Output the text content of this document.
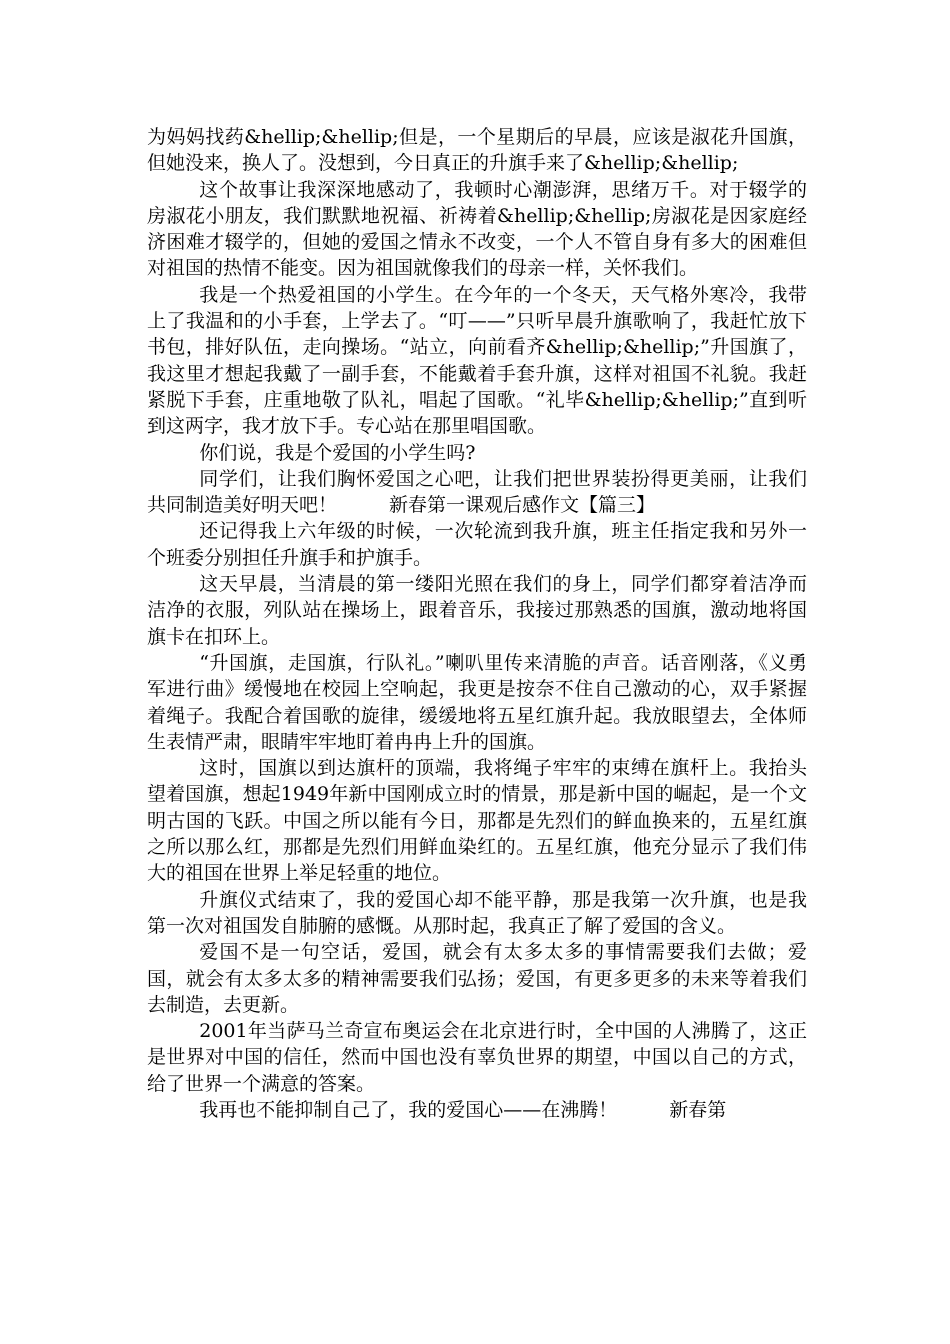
为妈妈找药&hellip;&hellip;但是，一个星期后的早晨，应该是淑花升国旗，但她没来，换人了。没想到，今日真正的升旗手来了&hellip;&hellip;

这个故事让我深深地感动了，我顿时心潮澎湃，思绪万千。对于辍学的房淑花小朋友，我们默默地祝福、祈祷着&hellip;&hellip;房淑花是因家庭经济困难才辍学的，但她的爱国之情永不改变，一个人不管自身有多大的困难但对祖国的热情不能变。因为祖国就像我们的母亲一样，关怀我们。

我是一个热爱祖国的小学生。在今年的一个冬天，天气格外寒冷，我带上了我温和的小手套，上学去了。“叮——”只听早晨升旗歌响了，我赶忙放下书包，排好队伍，走向操场。“站立，向前看齐&hellip;&hellip;”升国旗了，我这里才想起我戴了一副手套，不能戴着手套升旗，这样对祖国不礼貌。我赶紧脱下手套，庄重地敬了队礼，唱起了国歌。“礼毕&hellip;&hellip;”直到听到这两字，我才放下手。专心站在那里唱国歌。

你们说，我是个爱国的小学生吗?

同学们，让我们胸怀爱国之心吧，让我们把世界装扮得更美丽，让我们共同制造美好明天吧！	新春第一课观后感作文【篇三】

还记得我上六年级的时候，一次轮流到我升旗，班主任指定我和另外一个班委分别担任升旗手和护旗手。

这天早晨，当清晨的第一缕阳光照在我们的身上，同学们都穿着洁净而洁净的衣服，列队站在操场上，跟着音乐，我接过那熟悉的国旗，激动地将国旗卡在扣环上。

“升国旗，走国旗，行队礼。”喇叭里传来清脆的声音。话音刚落，《义勇军进行曲》缓慢地在校园上空响起，我更是按奈不住自己激动的心，双手紧握着绳子。我配合着国歌的旋律，缓缓地将五星红旗升起。我放眼望去，全体师生表情严肃，眼睛牢牢地盯着冉冉上升的国旗。

这时，国旗以到达旗杆的顶端，我将绳子牢牢的束缚在旗杆上。我抬头望着国旗，想起1949年新中国刚成立时的情景，那是新中国的崛起，是一个文明古国的飞跃。中国之所以能有今日，那都是先烈们的鲜血换来的，五星红旗之所以那么红，那都是先烈们用鲜血染红的。五星红旗，他充分显示了我们伟大的祖国在世界上举足轻重的地位。

升旗仪式结束了，我的爱国心却不能平静，那是我第一次升旗，也是我第一次对祖国发自肺腑的感慨。从那时起，我真正了解了爱国的含义。

爱国不是一句空话，爱国，就会有太多太多的事情需要我们去做；爱国，就会有太多太多的精神需要我们弘扬；爱国，有更多更多的未来等着我们去制造，去更新。

2001年当萨马兰奇宣布奥运会在北京进行时，全中国的人沸腾了，这正是世界对中国的信任，然而中国也没有辜负世界的期望，中国以自己的方式，给了世界一个满意的答案。

我再也不能抑制自己了，我的爱国心——在沸腾！	新春第
